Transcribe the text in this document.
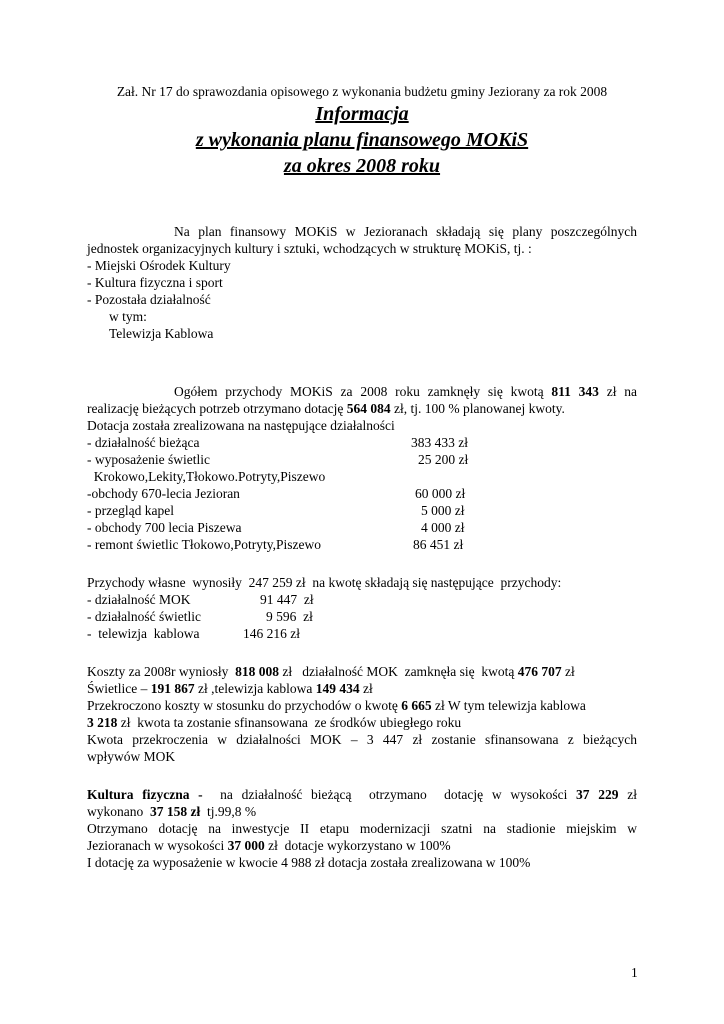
Zał. Nr 17 do sprawozdania opisowego z wykonania budżetu gminy Jeziorany za rok 2008
Informacja
z wykonania planu finansowego MOKiS
za okres 2008 roku
Na plan finansowy MOKiS w Jezioranach składają się plany poszczególnych
jednostek organizacyjnych kultury i sztuki, wchodzących w strukturę MOKiS, tj. :
- Miejski Ośrodek Kultury
- Kultura fizyczna i sport
- Pozostała działalność
w tym:
Telewizja Kablowa
Ogółem przychody MOKiS za 2008 roku zamknęły się kwotą 811 343 zł na
realizację bieżących potrzeb otrzymano dotację 564 084 zł, tj. 100 % planowanej kwoty.
Dotacja została zrealizowana na następujące działalności
- działalność bieżąca	383 433 zł
- wyposażenie świetlic	25 200 zł
Krokowo,Lekity,Tłokowo.Potryty,Piszewo
-obchody 670-lecia Jezioran	60 000 zł
- przegląd kapel	5 000 zł
- obchody 700 lecia Piszewa	4 000 zł
- remont świetlic Tłokowo,Potryty,Piszewo	86 451 zł
Przychody własne  wynosiły  247 259 zł  na kwotę składają się następujące  przychody:
- działalność MOK	91 447  zł
- działalność świetlic	9 596  zł
-  telewizja  kablowa	146 216 zł
Koszty za 2008r wyniosły  818 008 zł   działalność MOK  zamknęła się  kwotą 476 707 zł
Świetlice – 191 867 zł ,telewizja kablowa 149 434 zł
Przekroczono koszty w stosunku do przychodów o kwotę 6 665 zł W tym telewizja kablowa
3 218 zł  kwota ta zostanie sfinansowana  ze środków ubiegłego roku
Kwota przekroczenia w działalności MOK – 3 447 zł zostanie sfinansowana z bieżących
wpływów MOK
Kultura fizyczna -  na działalność bieżącą  otrzymano  dotację w wysokości 37 229 zł
wykonano  37 158 zł  tj.99,8 %
Otrzymano dotację na inwestycje II etapu modernizacji szatni na stadionie miejskim w
Jezioranach w wysokości 37 000 zł  dotacje wykorzystano w 100%
I dotację za wyposażenie w kwocie 4 988 zł dotacja została zrealizowana w 100%
1
